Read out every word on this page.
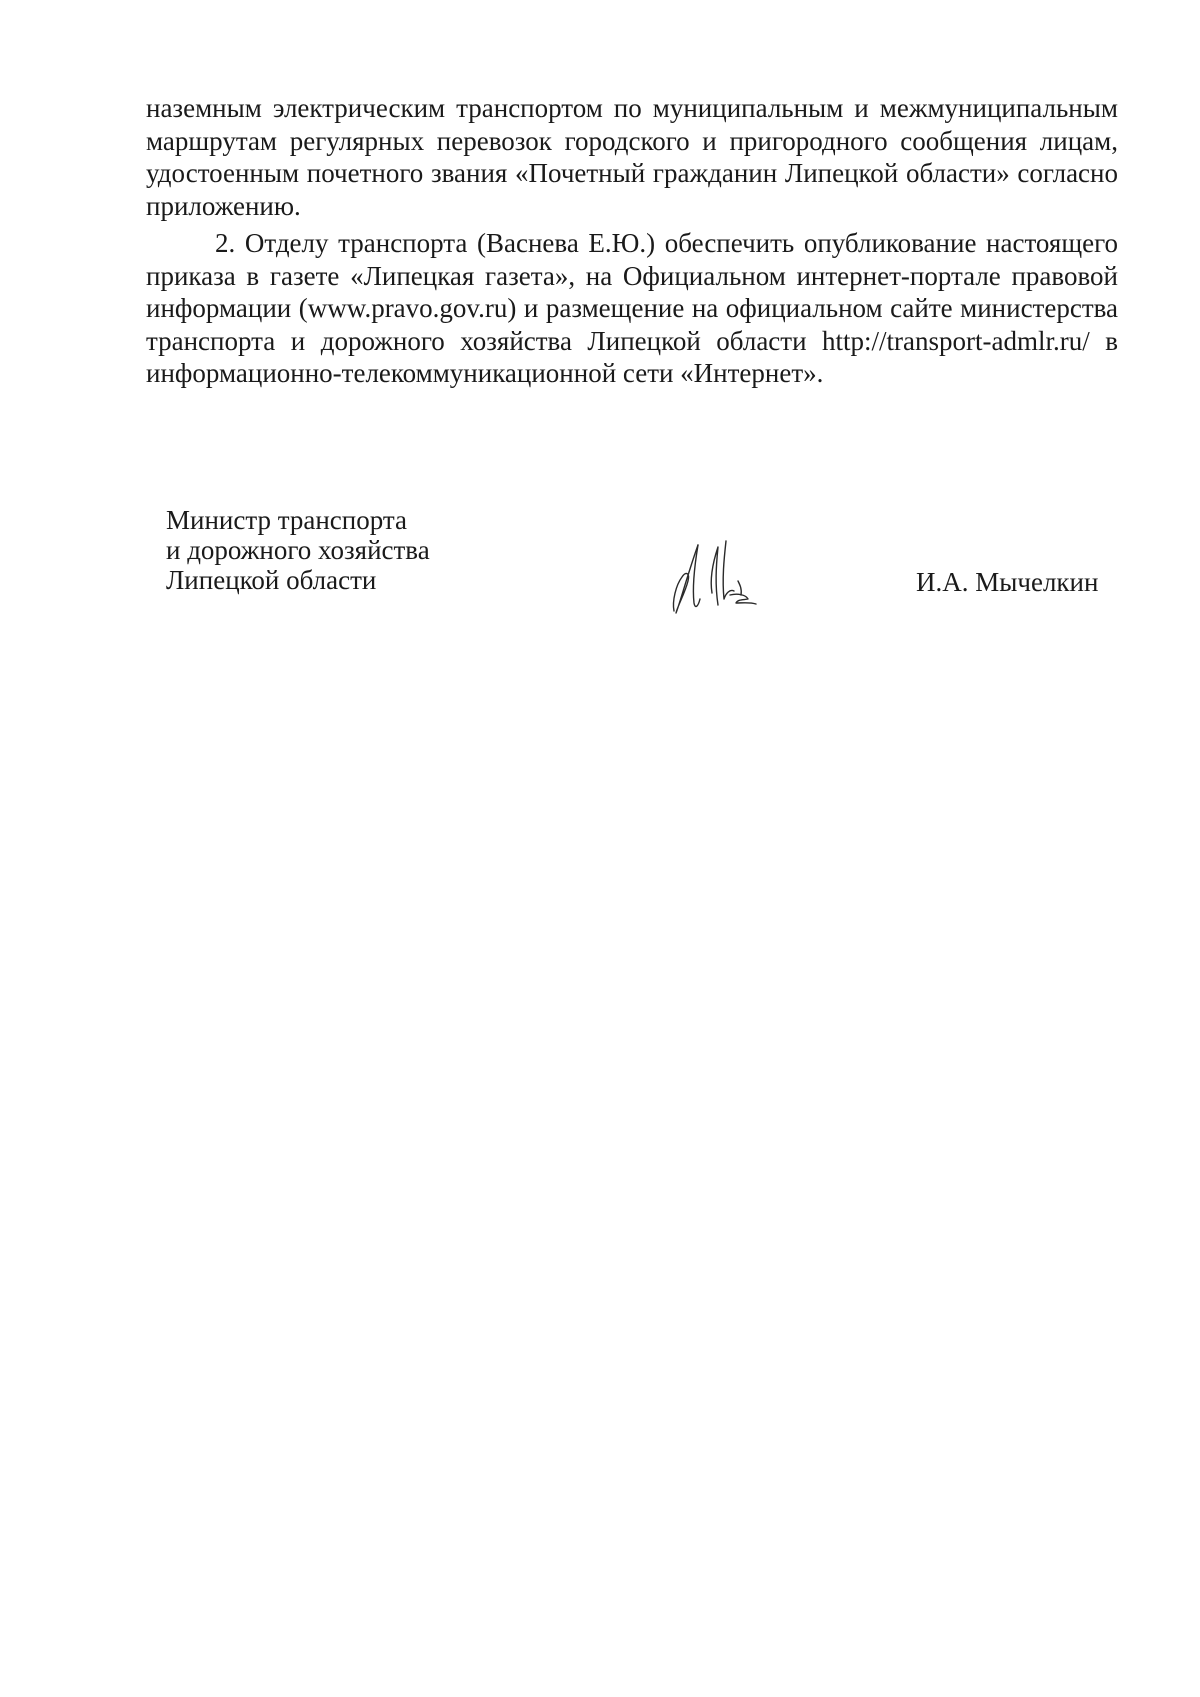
наземным электрическим транспортом по муниципальным и межмуниципальным маршрутам регулярных перевозок городского и пригородного сообщения лицам, удостоенным почетного звания «Почетный гражданин Липецкой области» согласно приложению.

2. Отделу транспорта (Васнева Е.Ю.) обеспечить опубликование настоящего приказа в газете «Липецкая газета», на Официальном интернет-портале правовой информации (www.pravo.gov.ru) и размещение на официальном сайте министерства транспорта и дорожного хозяйства Липецкой области http://transport-admlr.ru/ в информационно-телекоммуникационной сети «Интернет».

Министр транспорта
и дорожного хозяйства
Липецкой области	И.А. Мычелкин
